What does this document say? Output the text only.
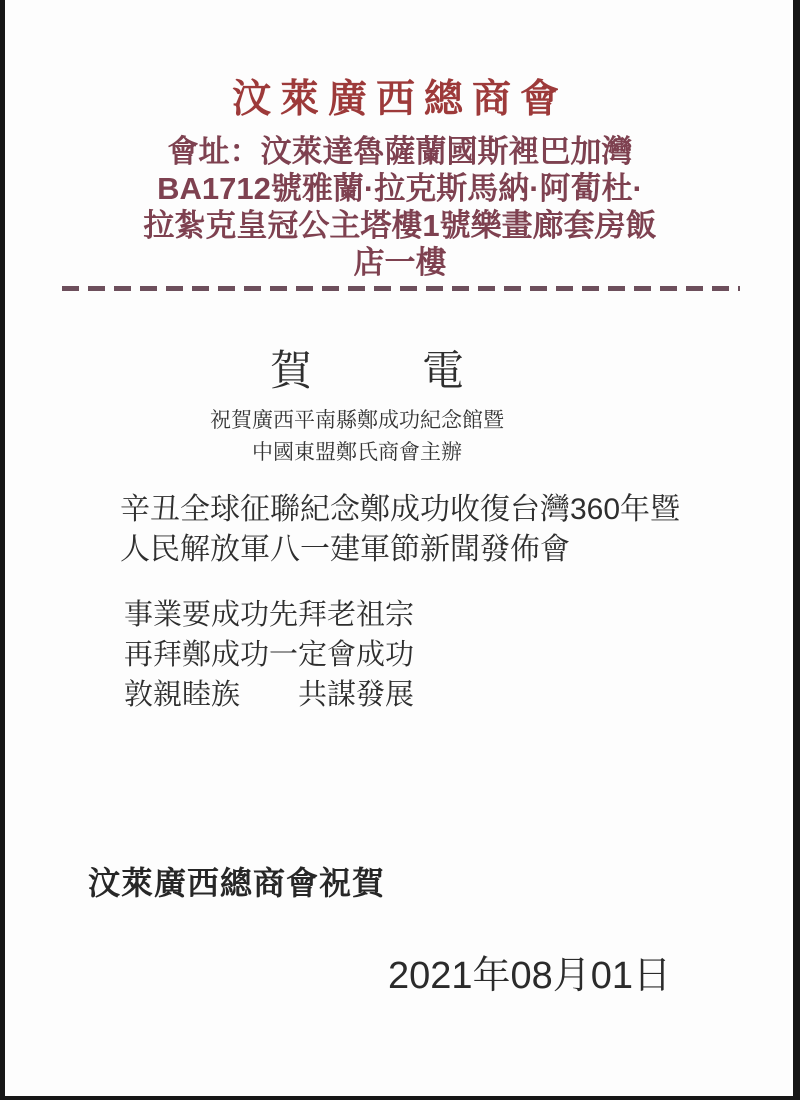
汶萊廣西總商會
會址：汶萊達魯薩蘭國斯裡巴加灣
BA1712號雅蘭·拉克斯馬納·阿蔔杜·
拉紮克皇冠公主塔樓1號樂畫廊套房飯
店一樓
賀	電
祝賀廣西平南縣鄭成功紀念館暨
中國東盟鄭氏商會主辦
辛丑全球征聯紀念鄭成功收復台灣360年暨
人民解放軍八一建軍節新聞發佈會
事業要成功先拜老祖宗
再拜鄭成功一定會成功
敦親睦族　　共謀發展
汶萊廣西總商會祝賀
2021年08月01日
